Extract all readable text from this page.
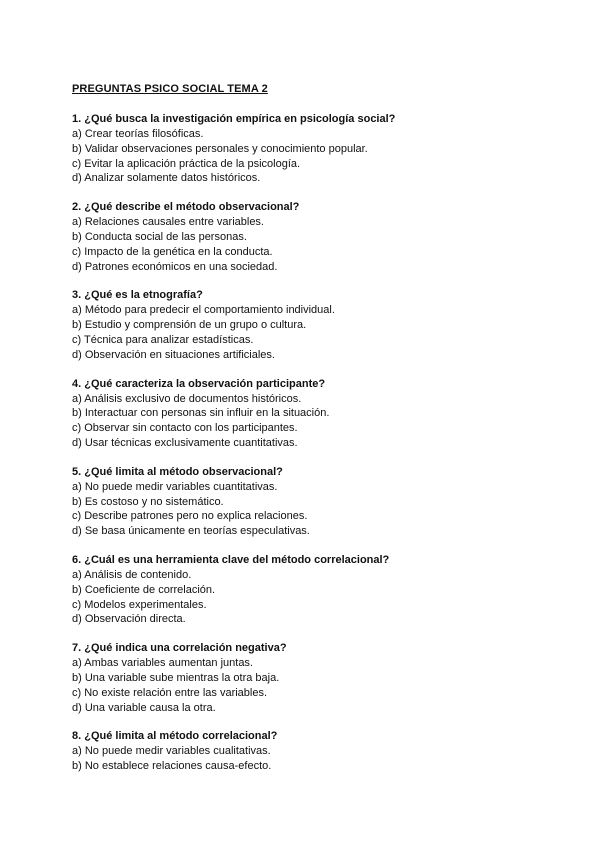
PREGUNTAS PSICO SOCIAL TEMA 2
1. ¿Qué busca la investigación empírica en psicología social?
a) Crear teorías filosóficas.
b) Validar observaciones personales y conocimiento popular.
c) Evitar la aplicación práctica de la psicología.
d) Analizar solamente datos históricos.
2. ¿Qué describe el método observacional?
a) Relaciones causales entre variables.
b) Conducta social de las personas.
c) Impacto de la genética en la conducta.
d) Patrones económicos en una sociedad.
3. ¿Qué es la etnografía?
a) Método para predecir el comportamiento individual.
b) Estudio y comprensión de un grupo o cultura.
c) Técnica para analizar estadísticas.
d) Observación en situaciones artificiales.
4. ¿Qué caracteriza la observación participante?
a) Análisis exclusivo de documentos históricos.
b) Interactuar con personas sin influir en la situación.
c) Observar sin contacto con los participantes.
d) Usar técnicas exclusivamente cuantitativas.
5. ¿Qué limita al método observacional?
a) No puede medir variables cuantitativas.
b) Es costoso y no sistemático.
c) Describe patrones pero no explica relaciones.
d) Se basa únicamente en teorías especulativas.
6. ¿Cuál es una herramienta clave del método correlacional?
a) Análisis de contenido.
b) Coeficiente de correlación.
c) Modelos experimentales.
d) Observación directa.
7. ¿Qué indica una correlación negativa?
a) Ambas variables aumentan juntas.
b) Una variable sube mientras la otra baja.
c) No existe relación entre las variables.
d) Una variable causa la otra.
8. ¿Qué limita al método correlacional?
a) No puede medir variables cualitativas.
b) No establece relaciones causa-efecto.
